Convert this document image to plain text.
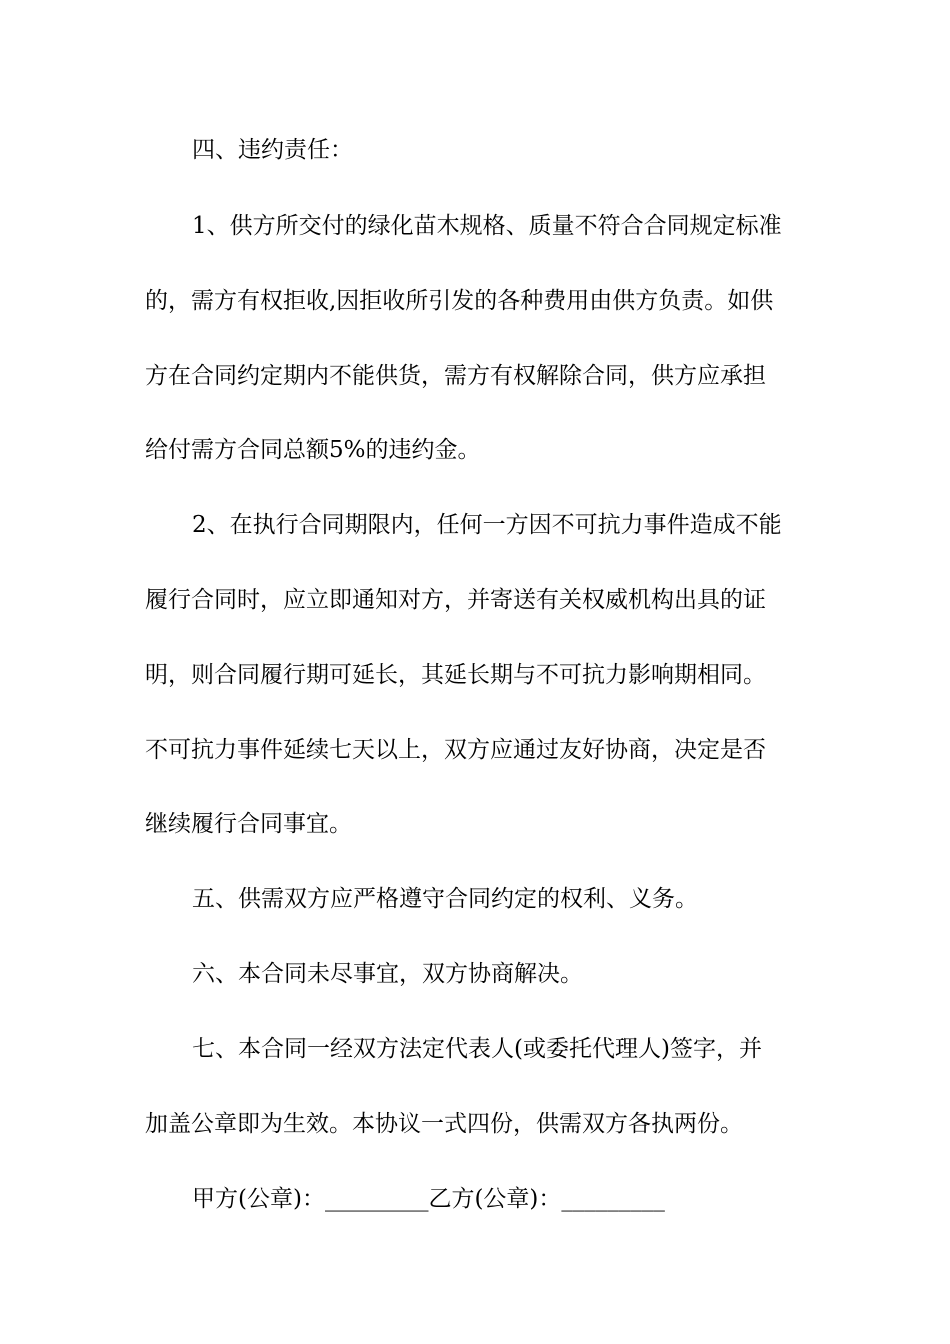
四、违约责任：

1、供方所交付的绿化苗木规格、质量不符合合同规定标准

的，需方有权拒收,因拒收所引发的各种费用由供方负责。如供

方在合同约定期内不能供货，需方有权解除合同，供方应承担

给付需方合同总额5%的违约金。

2、在执行合同期限内，任何一方因不可抗力事件造成不能

履行合同时，应立即通知对方，并寄送有关权威机构出具的证

明，则合同履行期可延长，其延长期与不可抗力影响期相同。

不可抗力事件延续七天以上，双方应通过友好协商，决定是否

继续履行合同事宜。

五、供需双方应严格遵守合同约定的权利、义务。

六、本合同未尽事宜，双方协商解决。

七、本合同一经双方法定代表人(或委托代理人)签字，并

加盖公章即为生效。本协议一式四份，供需双方各执两份。

甲方(公章)：_________乙方(公章)：_________
